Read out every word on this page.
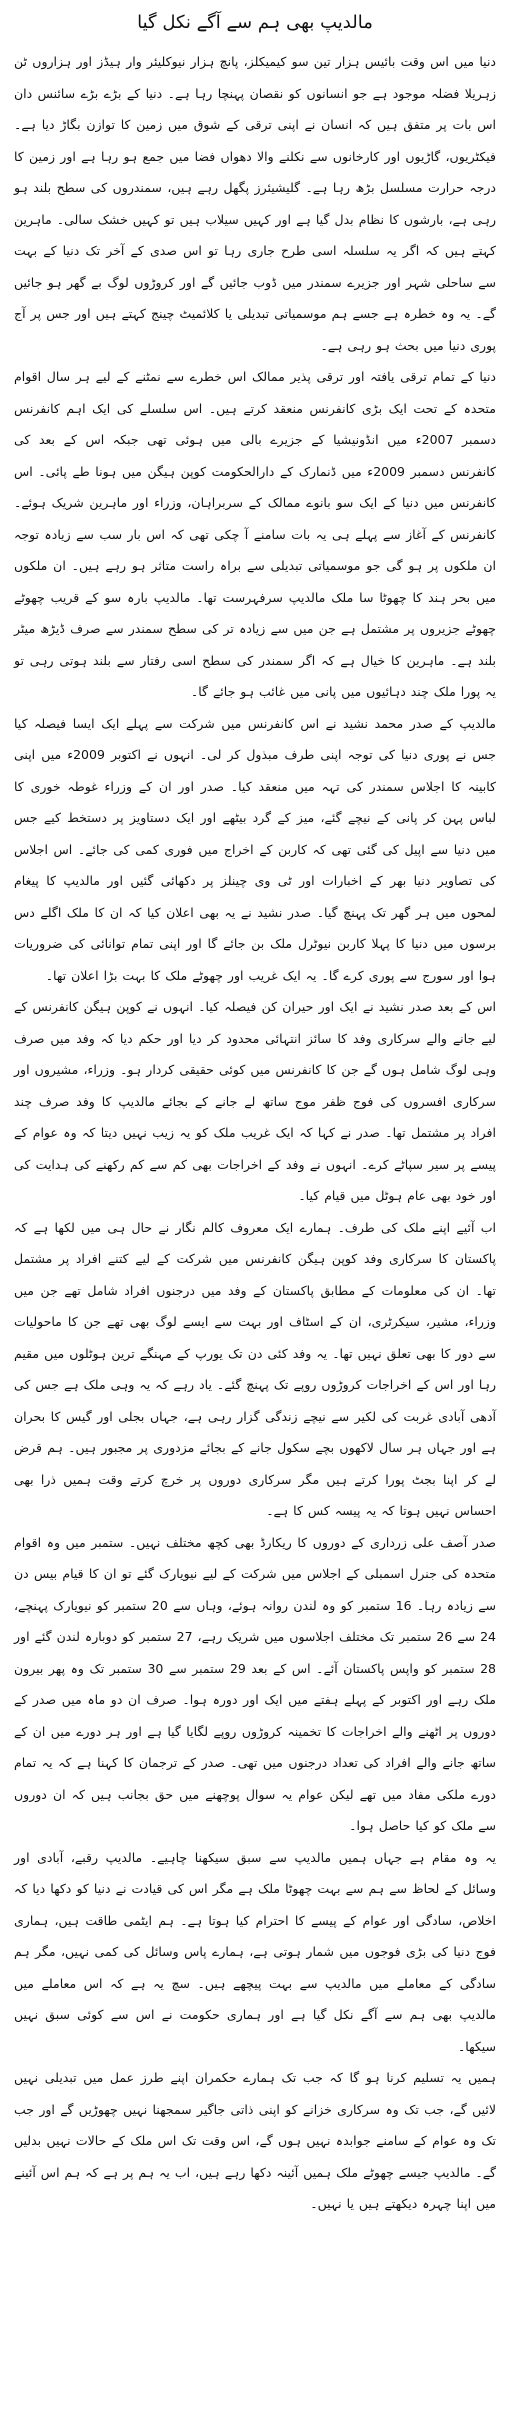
مالدیپ بھی ہم سے آگے نکل گیا

دنیا میں اس وقت بائیس ہزار تین سو کیمیکلز، پانچ ہزار نیوکلیئر وار ہیڈز اور ہزاروں ٹن زہریلا فضلہ موجود ہے جو انسانوں کو نقصان پہنچا رہا ہے۔ دنیا کے بڑے بڑے سائنس دان اس بات پر متفق ہیں کہ انسان نے اپنی ترقی کے شوق میں زمین کا توازن بگاڑ دیا ہے۔ فیکٹریوں، گاڑیوں اور کارخانوں سے نکلنے والا دھواں فضا میں جمع ہو رہا ہے اور زمین کا درجہ حرارت مسلسل بڑھ رہا ہے۔ گلیشیئرز پگھل رہے ہیں، سمندروں کی سطح بلند ہو رہی ہے، بارشوں کا نظام بدل گیا ہے اور کہیں سیلاب ہیں تو کہیں خشک سالی۔ ماہرین کہتے ہیں کہ اگر یہ سلسلہ اسی طرح جاری رہا تو اس صدی کے آخر تک دنیا کے بہت سے ساحلی شہر اور جزیرے سمندر میں ڈوب جائیں گے اور کروڑوں لوگ بے گھر ہو جائیں گے۔ یہ وہ خطرہ ہے جسے ہم موسمیاتی تبدیلی یا کلائمیٹ چینج کہتے ہیں اور جس پر آج پوری دنیا میں بحث ہو رہی ہے۔

دنیا کے تمام ترقی یافتہ اور ترقی پذیر ممالک اس خطرے سے نمٹنے کے لیے ہر سال اقوام متحدہ کے تحت ایک بڑی کانفرنس منعقد کرتے ہیں۔ اس سلسلے کی ایک اہم کانفرنس دسمبر 2007ء میں انڈونیشیا کے جزیرے بالی میں ہوئی تھی جبکہ اس کے بعد کی کانفرنس دسمبر 2009ء میں ڈنمارک کے دارالحکومت کوپن ہیگن میں ہونا طے پائی۔ اس کانفرنس میں دنیا کے ایک سو بانوے ممالک کے سربراہان، وزراء اور ماہرین شریک ہوئے۔ کانفرنس کے آغاز سے پہلے ہی یہ بات سامنے آ چکی تھی کہ اس بار سب سے زیادہ توجہ ان ملکوں پر ہو گی جو موسمیاتی تبدیلی سے براہ راست متاثر ہو رہے ہیں۔ ان ملکوں میں بحر ہند کا چھوٹا سا ملک مالدیپ سرفہرست تھا۔ مالدیپ بارہ سو کے قریب چھوٹے چھوٹے جزیروں پر مشتمل ہے جن میں سے زیادہ تر کی سطح سمندر سے صرف ڈیڑھ میٹر بلند ہے۔ ماہرین کا خیال ہے کہ اگر سمندر کی سطح اسی رفتار سے بلند ہوتی رہی تو یہ پورا ملک چند دہائیوں میں پانی میں غائب ہو جائے گا۔

مالدیپ کے صدر محمد نشید نے اس کانفرنس میں شرکت سے پہلے ایک ایسا فیصلہ کیا جس نے پوری دنیا کی توجہ اپنی طرف مبذول کر لی۔ انہوں نے اکتوبر 2009ء میں اپنی کابینہ کا اجلاس سمندر کی تہہ میں منعقد کیا۔ صدر اور ان کے وزراء غوطہ خوری کا لباس پہن کر پانی کے نیچے گئے، میز کے گرد بیٹھے اور ایک دستاویز پر دستخط کیے جس میں دنیا سے اپیل کی گئی تھی کہ کاربن کے اخراج میں فوری کمی کی جائے۔ اس اجلاس کی تصاویر دنیا بھر کے اخبارات اور ٹی وی چینلز پر دکھائی گئیں اور مالدیپ کا پیغام لمحوں میں ہر گھر تک پہنچ گیا۔ صدر نشید نے یہ بھی اعلان کیا کہ ان کا ملک اگلے دس برسوں میں دنیا کا پہلا کاربن نیوٹرل ملک بن جائے گا اور اپنی تمام توانائی کی ضروریات ہوا اور سورج سے پوری کرے گا۔ یہ ایک غریب اور چھوٹے ملک کا بہت بڑا اعلان تھا۔

اس کے بعد صدر نشید نے ایک اور حیران کن فیصلہ کیا۔ انہوں نے کوپن ہیگن کانفرنس کے لیے جانے والے سرکاری وفد کا سائز انتہائی محدود کر دیا اور حکم دیا کہ وفد میں صرف وہی لوگ شامل ہوں گے جن کا کانفرنس میں کوئی حقیقی کردار ہو۔ وزراء، مشیروں اور سرکاری افسروں کی فوج ظفر موج ساتھ لے جانے کے بجائے مالدیپ کا وفد صرف چند افراد پر مشتمل تھا۔ صدر نے کہا کہ ایک غریب ملک کو یہ زیب نہیں دیتا کہ وہ عوام کے پیسے پر سیر سپاٹے کرے۔ انہوں نے وفد کے اخراجات بھی کم سے کم رکھنے کی ہدایت کی اور خود بھی عام ہوٹل میں قیام کیا۔

اب آئیے اپنے ملک کی طرف۔ ہمارے ایک معروف کالم نگار نے حال ہی میں لکھا ہے کہ پاکستان کا سرکاری وفد کوپن ہیگن کانفرنس میں شرکت کے لیے کتنے افراد پر مشتمل تھا۔ ان کی معلومات کے مطابق پاکستان کے وفد میں درجنوں افراد شامل تھے جن میں وزراء، مشیر، سیکرٹری، ان کے اسٹاف اور بہت سے ایسے لوگ بھی تھے جن کا ماحولیات سے دور کا بھی تعلق نہیں تھا۔ یہ وفد کئی دن تک یورپ کے مہنگے ترین ہوٹلوں میں مقیم رہا اور اس کے اخراجات کروڑوں روپے تک پہنچ گئے۔ یاد رہے کہ یہ وہی ملک ہے جس کی آدھی آبادی غربت کی لکیر سے نیچے زندگی گزار رہی ہے، جہاں بجلی اور گیس کا بحران ہے اور جہاں ہر سال لاکھوں بچے سکول جانے کے بجائے مزدوری پر مجبور ہیں۔ ہم قرض لے کر اپنا بجٹ پورا کرتے ہیں مگر سرکاری دوروں پر خرچ کرتے وقت ہمیں ذرا بھی احساس نہیں ہوتا کہ یہ پیسہ کس کا ہے۔

صدر آصف علی زرداری کے دوروں کا ریکارڈ بھی کچھ مختلف نہیں۔ ستمبر میں وہ اقوام متحدہ کی جنرل اسمبلی کے اجلاس میں شرکت کے لیے نیویارک گئے تو ان کا قیام بیس دن سے زیادہ رہا۔ 16 ستمبر کو وہ لندن روانہ ہوئے، وہاں سے 20 ستمبر کو نیویارک پہنچے، 24 سے 26 ستمبر تک مختلف اجلاسوں میں شریک رہے، 27 ستمبر کو دوبارہ لندن گئے اور 28 ستمبر کو واپس پاکستان آئے۔ اس کے بعد 29 ستمبر سے 30 ستمبر تک وہ پھر بیرون ملک رہے اور اکتوبر کے پہلے ہفتے میں ایک اور دورہ ہوا۔ صرف ان دو ماہ میں صدر کے دوروں پر اٹھنے والے اخراجات کا تخمینہ کروڑوں روپے لگایا گیا ہے اور ہر دورے میں ان کے ساتھ جانے والے افراد کی تعداد درجنوں میں تھی۔ صدر کے ترجمان کا کہنا ہے کہ یہ تمام دورے ملکی مفاد میں تھے لیکن عوام یہ سوال پوچھنے میں حق بجانب ہیں کہ ان دوروں سے ملک کو کیا حاصل ہوا۔

یہ وہ مقام ہے جہاں ہمیں مالدیپ سے سبق سیکھنا چاہیے۔ مالدیپ رقبے، آبادی اور وسائل کے لحاظ سے ہم سے بہت چھوٹا ملک ہے مگر اس کی قیادت نے دنیا کو دکھا دیا کہ اخلاص، سادگی اور عوام کے پیسے کا احترام کیا ہوتا ہے۔ ہم ایٹمی طاقت ہیں، ہماری فوج دنیا کی بڑی فوجوں میں شمار ہوتی ہے، ہمارے پاس وسائل کی کمی نہیں، مگر ہم سادگی کے معاملے میں مالدیپ سے بہت پیچھے ہیں۔ سچ یہ ہے کہ اس معاملے میں مالدیپ بھی ہم سے آگے نکل گیا ہے اور ہماری حکومت نے اس سے کوئی سبق نہیں سیکھا۔

ہمیں یہ تسلیم کرنا ہو گا کہ جب تک ہمارے حکمران اپنے طرز عمل میں تبدیلی نہیں لائیں گے، جب تک وہ سرکاری خزانے کو اپنی ذاتی جاگیر سمجھنا نہیں چھوڑیں گے اور جب تک وہ عوام کے سامنے جوابدہ نہیں ہوں گے، اس وقت تک اس ملک کے حالات نہیں بدلیں گے۔ مالدیپ جیسے چھوٹے ملک ہمیں آئینہ دکھا رہے ہیں، اب یہ ہم پر ہے کہ ہم اس آئینے میں اپنا چہرہ دیکھتے ہیں یا نہیں۔
